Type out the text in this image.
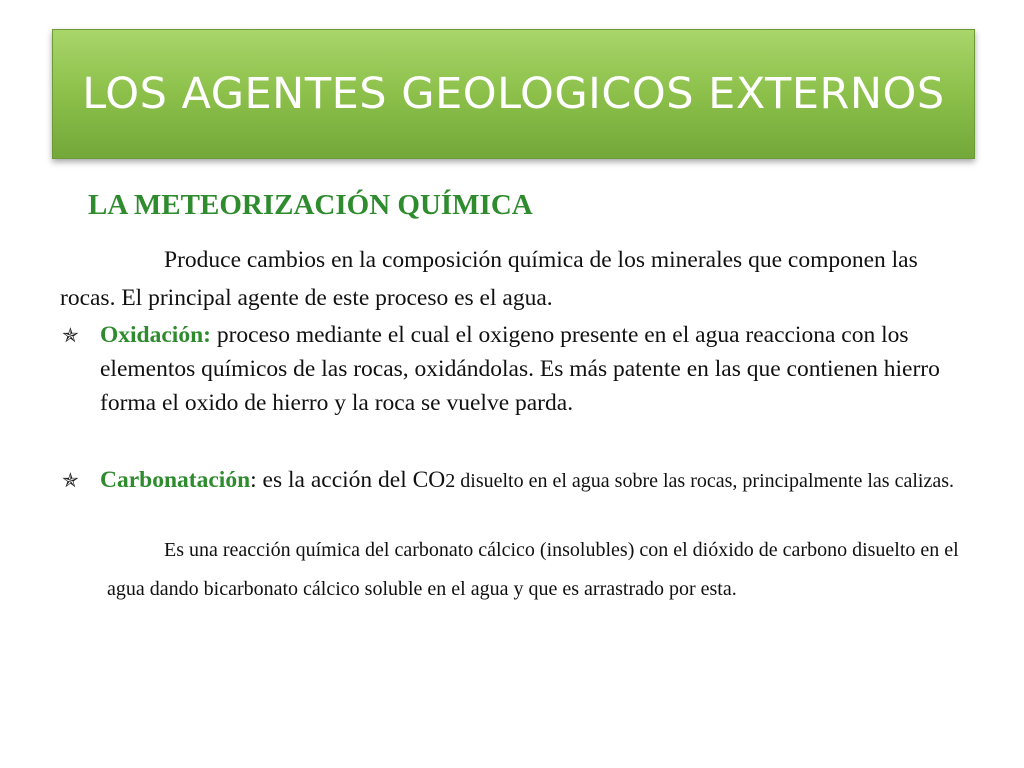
LOS AGENTES GEOLOGICOS EXTERNOS
LA METEORIZACIÓN QUÍMICA

Produce cambios en la composición química de los minerales que componen las rocas. El principal agente de este proceso es el agua.

✯ Oxidación: proceso mediante el cual el oxigeno presente en el agua reacciona con los elementos químicos de las rocas, oxidándolas. Es más patente en las que contienen hierro forma el oxido de hierro y la roca se vuelve parda.
✯ Carbonatación: es la acción del CO2 disuelto en el agua sobre las rocas, principalmente las calizas.

Es una reacción química del carbonato cálcico (insolubles) con el dióxido de carbono disuelto en el agua dando bicarbonato cálcico soluble en el agua y que es arrastrado por esta.
